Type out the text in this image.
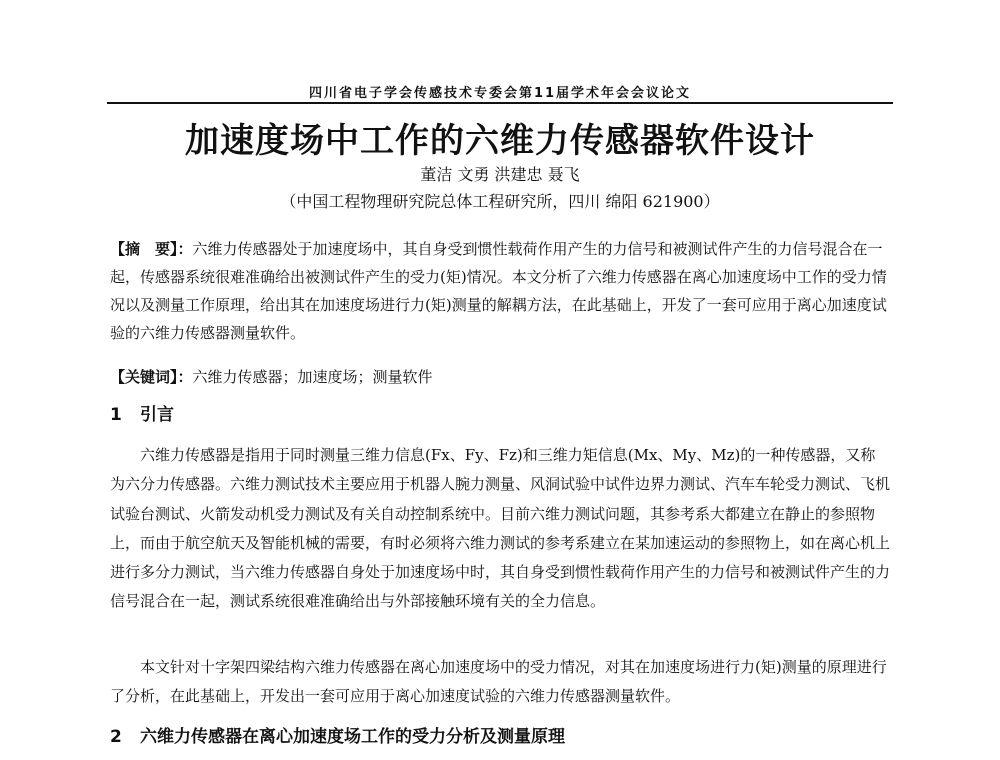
四川省电子学会传感技术专委会第11届学术年会会议论文
加速度场中工作的六维力传感器软件设计
董洁 文勇 洪建忠 聂飞
（中国工程物理研究院总体工程研究所，四川 绵阳 621900）
【摘　要】：六维力传感器处于加速度场中，其自身受到惯性载荷作用产生的力信号和被测试件产生的力信号混合在一起，传感器系统很难准确给出被测试件产生的受力(矩)情况。本文分析了六维力传感器在离心加速度场中工作的受力情况以及测量工作原理，给出其在加速度场进行力(矩)测量的解耦方法，在此基础上，开发了一套可应用于离心加速度试验的六维力传感器测量软件。
【关键词】：六维力传感器；加速度场；测量软件
1 引言
六维力传感器是指用于同时测量三维力信息(Fx、Fy、Fz)和三维力矩信息(Mx、My、Mz)的一种传感器，又称为六分力传感器。六维力测试技术主要应用于机器人腕力测量、风洞试验中试件边界力测试、汽车车轮受力测试、飞机试验台测试、火箭发动机受力测试及有关自动控制系统中。目前六维力测试问题，其参考系大都建立在静止的参照物上，而由于航空航天及智能机械的需要，有时必须将六维力测试的参考系建立在某加速运动的参照物上，如在离心机上进行多分力测试，当六维力传感器自身处于加速度场中时，其自身受到惯性载荷作用产生的力信号和被测试件产生的力信号混合在一起，测试系统很难准确给出与外部接触环境有关的全力信息。
本文针对十字架四梁结构六维力传感器在离心加速度场中的受力情况，对其在加速度场进行力(矩)测量的原理进行了分析，在此基础上，开发出一套可应用于离心加速度试验的六维力传感器测量软件。
2 六维力传感器在离心加速度场工作的受力分析及测量原理
